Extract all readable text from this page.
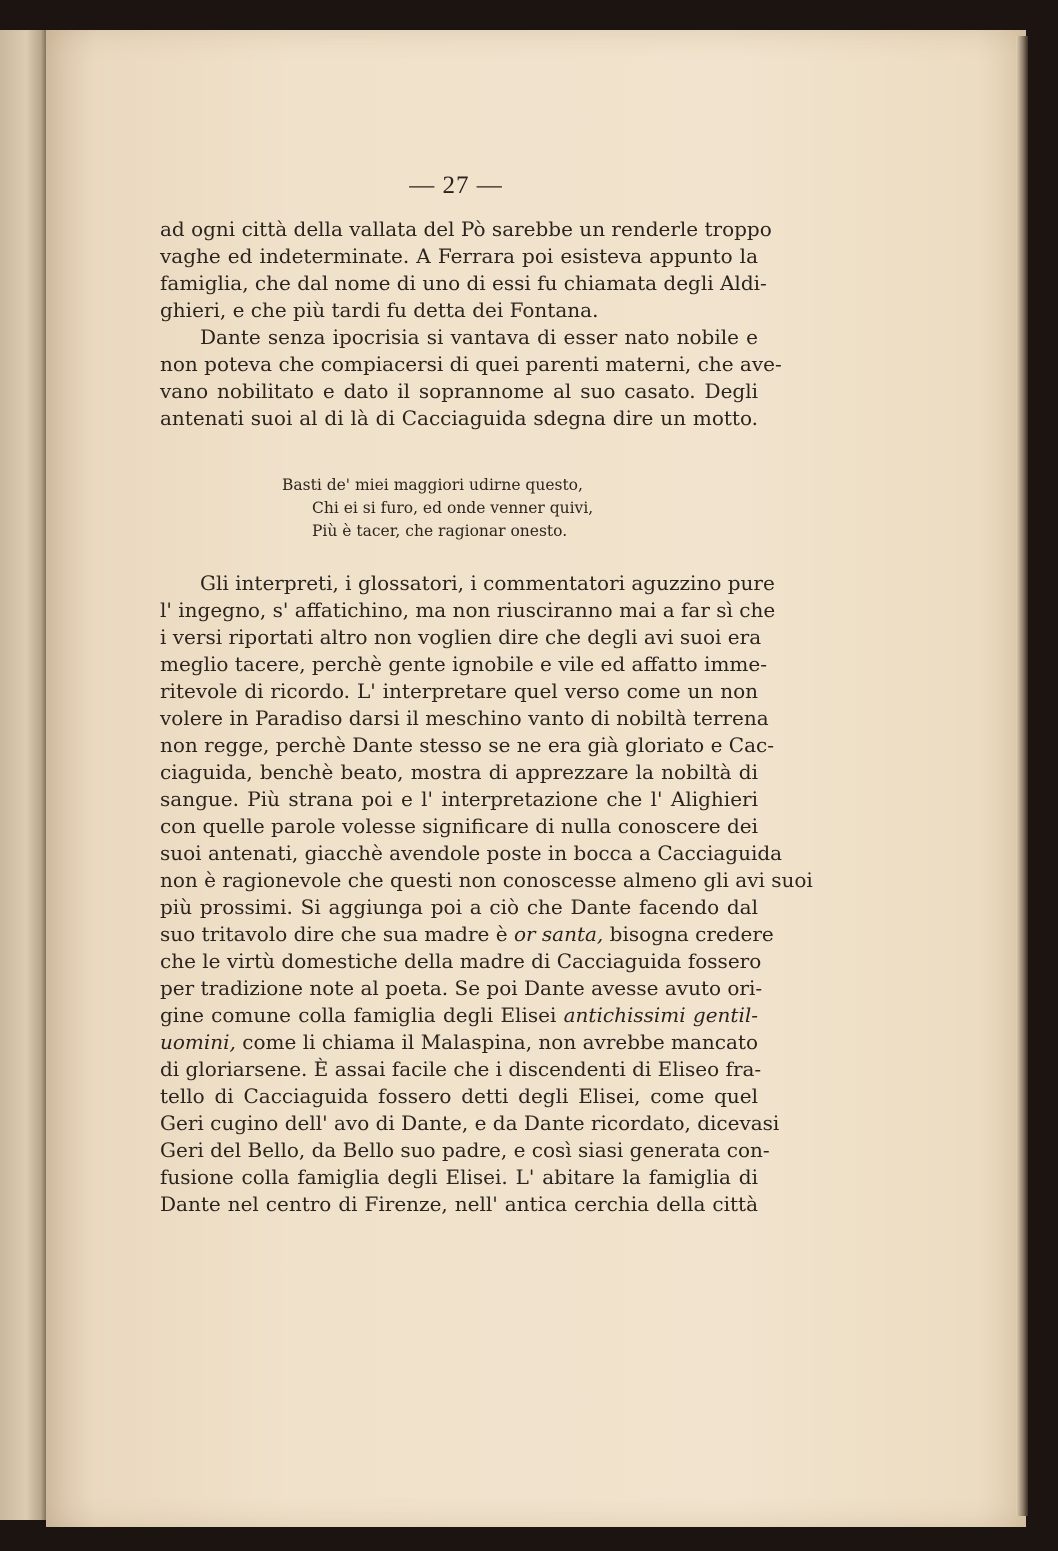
— 27 —
ad ogni città della vallata del Pò sarebbe un renderle troppo
vaghe ed indeterminate. A Ferrara poi esisteva appunto la
famiglia, che dal nome di uno di essi fu chiamata degli Aldi-
ghieri, e che più tardi fu detta dei Fontana.
Dante senza ipocrisia si vantava di esser nato nobile e
non poteva che compiacersi di quei parenti materni, che ave-
vano nobilitato e dato il soprannome al suo casato. Degli
antenati suoi al di là di Cacciaguida sdegna dire un motto.
Basti de' miei maggiori udirne questo,
Chi ei si furo, ed onde venner quivi,
Più è tacer, che ragionar onesto.
Gli interpreti, i glossatori, i commentatori aguzzino pure
l' ingegno, s' affatichino, ma non riusciranno mai a far sì che
i versi riportati altro non voglien dire che degli avi suoi era
meglio tacere, perchè gente ignobile e vile ed affatto imme-
ritevole di ricordo. L' interpretare quel verso come un non
volere in Paradiso darsi il meschino vanto di nobiltà terrena
non regge, perchè Dante stesso se ne era già gloriato e Cac-
ciaguida, benchè beato, mostra di apprezzare la nobiltà di
sangue. Più strana poi e l' interpretazione che l' Alighieri
con quelle parole volesse significare di nulla conoscere dei
suoi antenati, giacchè avendole poste in bocca a Cacciaguida
non è ragionevole che questi non conoscesse almeno gli avi suoi
più prossimi. Si aggiunga poi a ciò che Dante facendo dal
suo tritavolo dire che sua madre è or santa, bisogna credere
che le virtù domestiche della madre di Cacciaguida fossero
per tradizione note al poeta. Se poi Dante avesse avuto ori-
gine comune colla famiglia degli Elisei antichissimi gentil-
uomini, come li chiama il Malaspina, non avrebbe mancato
di gloriarsene. È assai facile che i discendenti di Eliseo fra-
tello di Cacciaguida fossero detti degli Elisei, come quel
Geri cugino dell' avo di Dante, e da Dante ricordato, dicevasi
Geri del Bello, da Bello suo padre, e così siasi generata con-
fusione colla famiglia degli Elisei. L' abitare la famiglia di
Dante nel centro di Firenze, nell' antica cerchia della città
